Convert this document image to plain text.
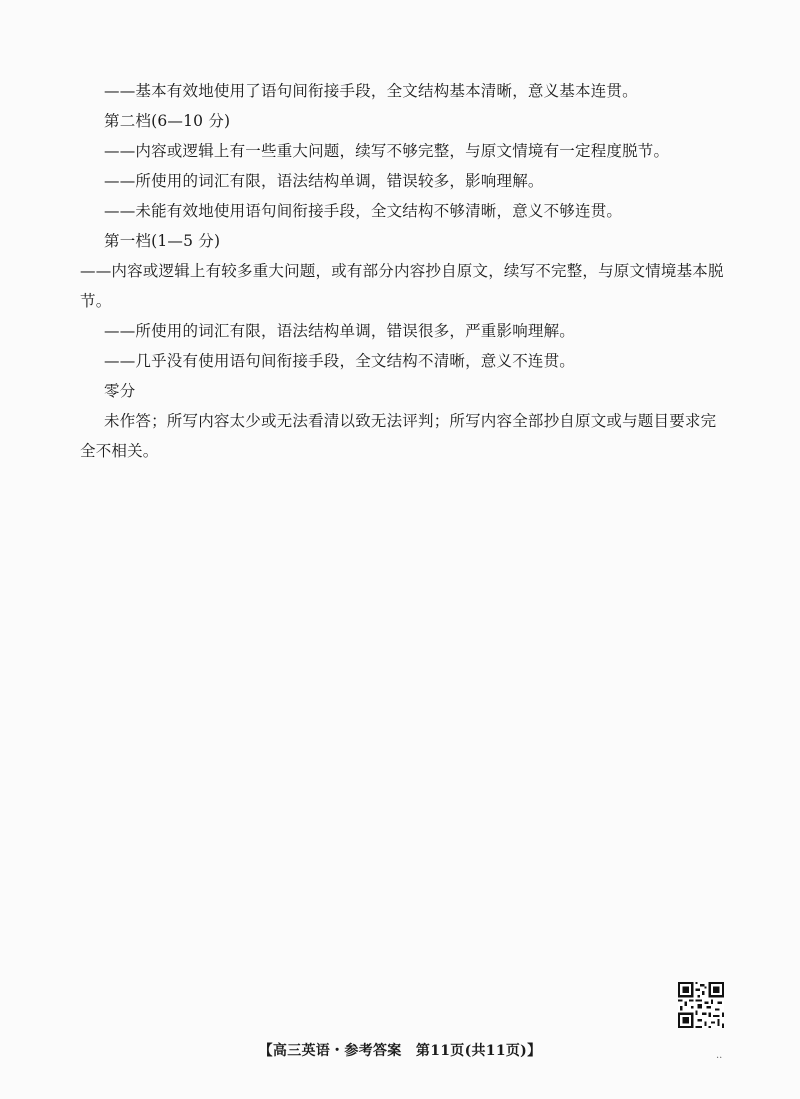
——基本有效地使用了语句间衔接手段，全文结构基本清晰，意义基本连贯。
第二档(6—10 分)
——内容或逻辑上有一些重大问题，续写不够完整，与原文情境有一定程度脱节。
——所使用的词汇有限，语法结构单调，错误较多，影响理解。
——未能有效地使用语句间衔接手段，全文结构不够清晰，意义不够连贯。
第一档(1—5 分)
——内容或逻辑上有较多重大问题，或有部分内容抄自原文，续写不完整，与原文情境基本脱节。
——所使用的词汇有限，语法结构单调，错误很多，严重影响理解。
——几乎没有使用语句间衔接手段，全文结构不清晰，意义不连贯。
零分
未作答；所写内容太少或无法看清以致无法评判；所写内容全部抄自原文或与题目要求完全不相关。
【高三英语・参考答案　第11页(共11页)】	..
